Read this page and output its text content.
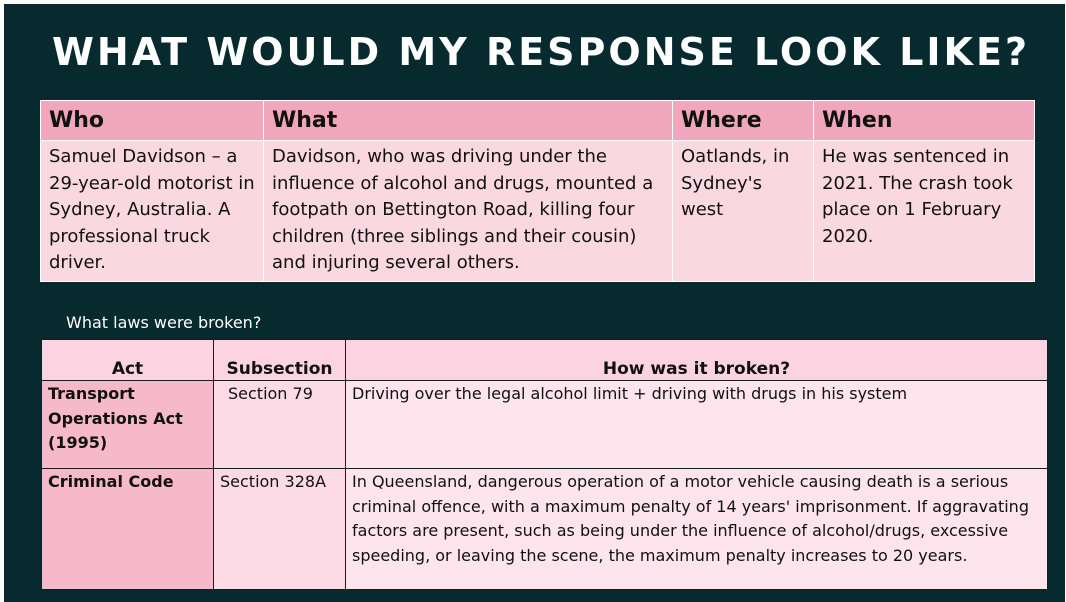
WHAT WOULD MY RESPONSE LOOK LIKE?
Who	What	Where	When
Samuel Davidson – a 29-year-old motorist in Sydney, Australia. A professional truck driver.	Davidson, who was driving under the influence of alcohol and drugs, mounted a footpath on Bettington Road, killing four children (three siblings and their cousin) and injuring several others.	Oatlands, in Sydney's west	He was sentenced in 2021. The crash took place on 1 February 2020.
What laws were broken?
Act	Subsection	How was it broken?
Transport Operations Act (1995)	Section 79	Driving over the legal alcohol limit + driving with drugs in his system
Criminal Code	Section 328A	In Queensland, dangerous operation of a motor vehicle causing death is a serious criminal offence, with a maximum penalty of 14 years' imprisonment. If aggravating factors are present, such as being under the influence of alcohol/drugs, excessive speeding, or leaving the scene, the maximum penalty increases to 20 years.
